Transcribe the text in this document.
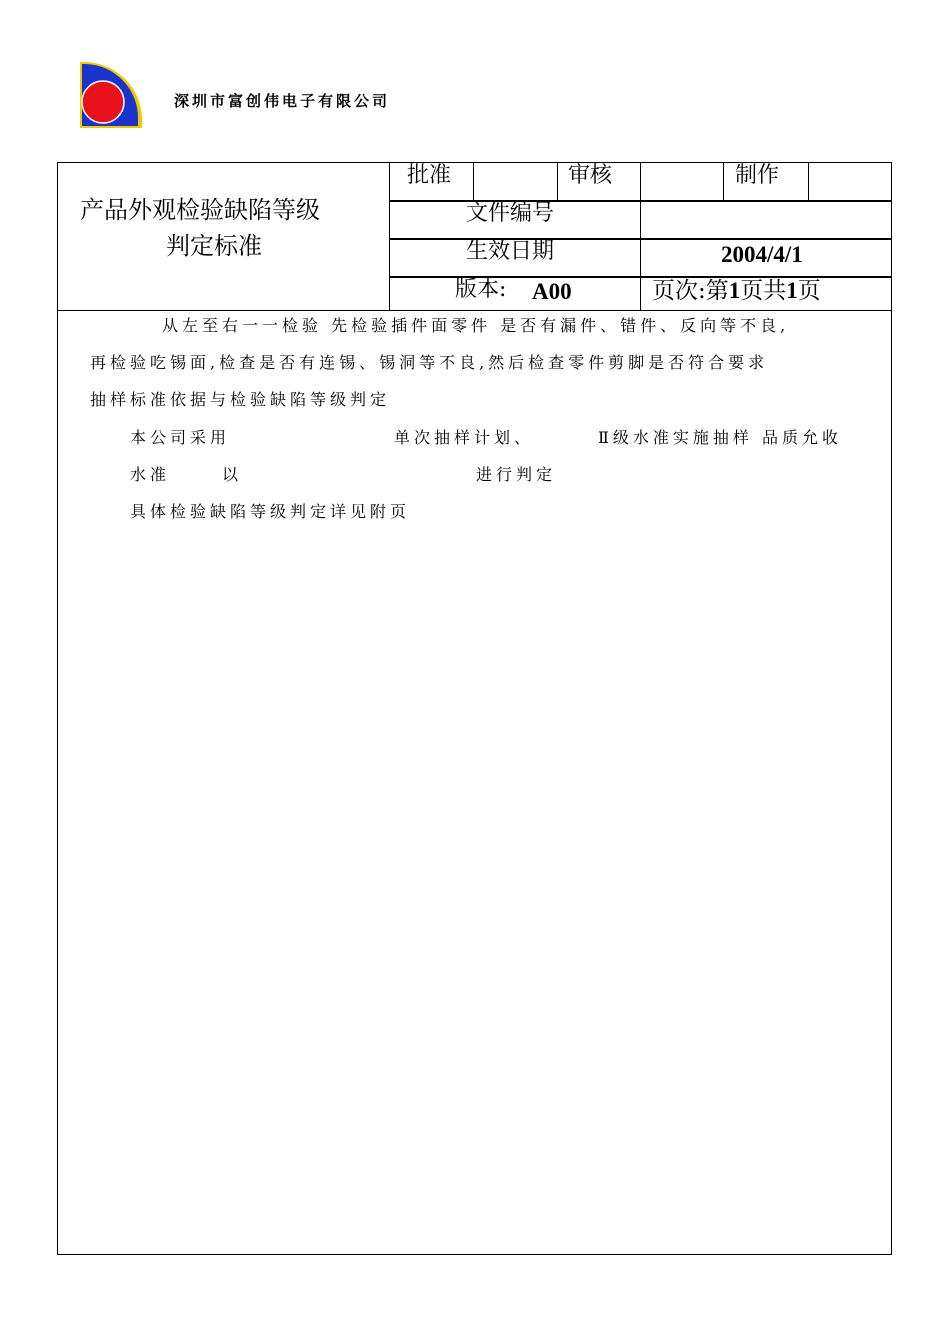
深圳市富创伟电子有限公司
产品外观检验缺陷等级
判定标准
批准	审核	制作
文件编号
生效日期	2004/4/1
版本: A00	页次:第1页共1页
从左至右一一检验 先检验插件面零件 是否有漏件、错件、反向等不良,
再检验吃锡面,检查是否有连锡、锡洞等不良,然后检查零件剪脚是否符合要求
抽样标准依据与检验缺陷等级判定
本公司采用	单次抽样计划、	Ⅱ级水准实施抽样 品质允收
水准	以	进行判定
具体检验缺陷等级判定详见附页
